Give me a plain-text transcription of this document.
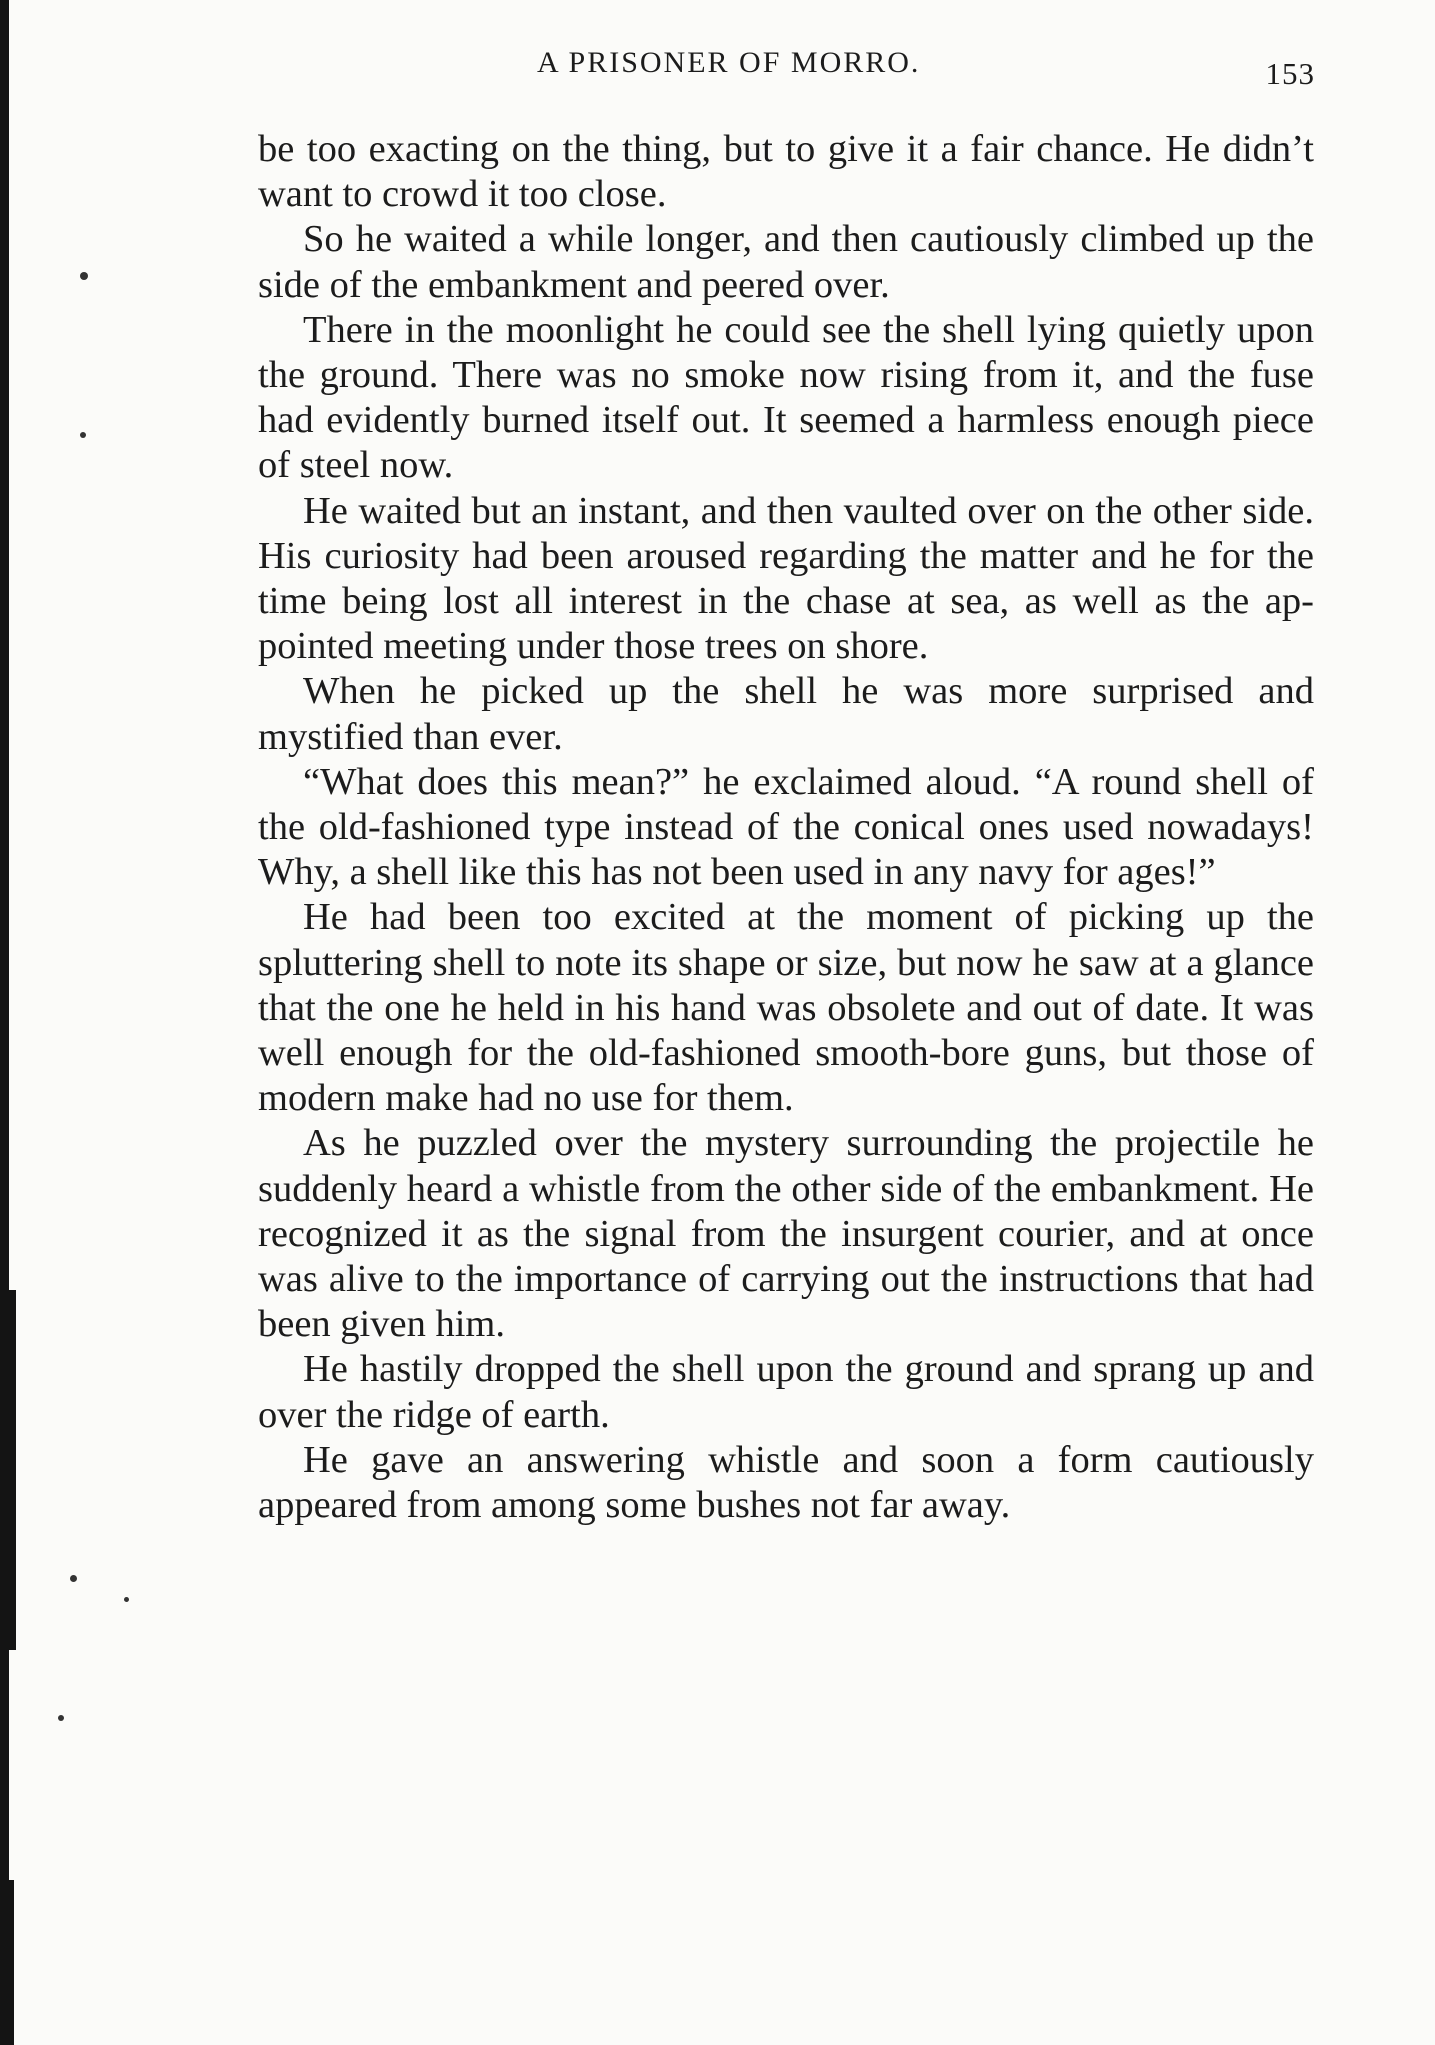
A PRISONER OF MORRO.	153

be too exacting on the thing, but to give it a fair chance. He didn’t want to crowd it too close.

So he waited a while longer, and then cautiously climbed up the side of the embankment and peered over.

There in the moonlight he could see the shell lying quietly upon the ground. There was no smoke now rising from it, and the fuse had evidently burned itself out. It seemed a harmless enough piece of steel now.

He waited but an instant, and then vaulted over on the other side. His curiosity had been aroused regarding the matter and he for the time being lost all interest in the chase at sea, as well as the appointed meeting under those trees on shore.

When he picked up the shell he was more surprised and mystified than ever.

“What does this mean?” he exclaimed aloud. “A round shell of the old-fashioned type instead of the conical ones used nowadays! Why, a shell like this has not been used in any navy for ages!”

He had been too excited at the moment of picking up the spluttering shell to note its shape or size, but now he saw at a glance that the one he held in his hand was obsolete and out of date. It was well enough for the old-fashioned smooth-bore guns, but those of modern make had no use for them.

As he puzzled over the mystery surrounding the projectile he suddenly heard a whistle from the other side of the embankment. He recognized it as the signal from the insurgent courier, and at once was alive to the importance of carrying out the instructions that had been given him.

He hastily dropped the shell upon the ground and sprang up and over the ridge of earth.

He gave an answering whistle and soon a form cautiously appeared from among some bushes not far away.
